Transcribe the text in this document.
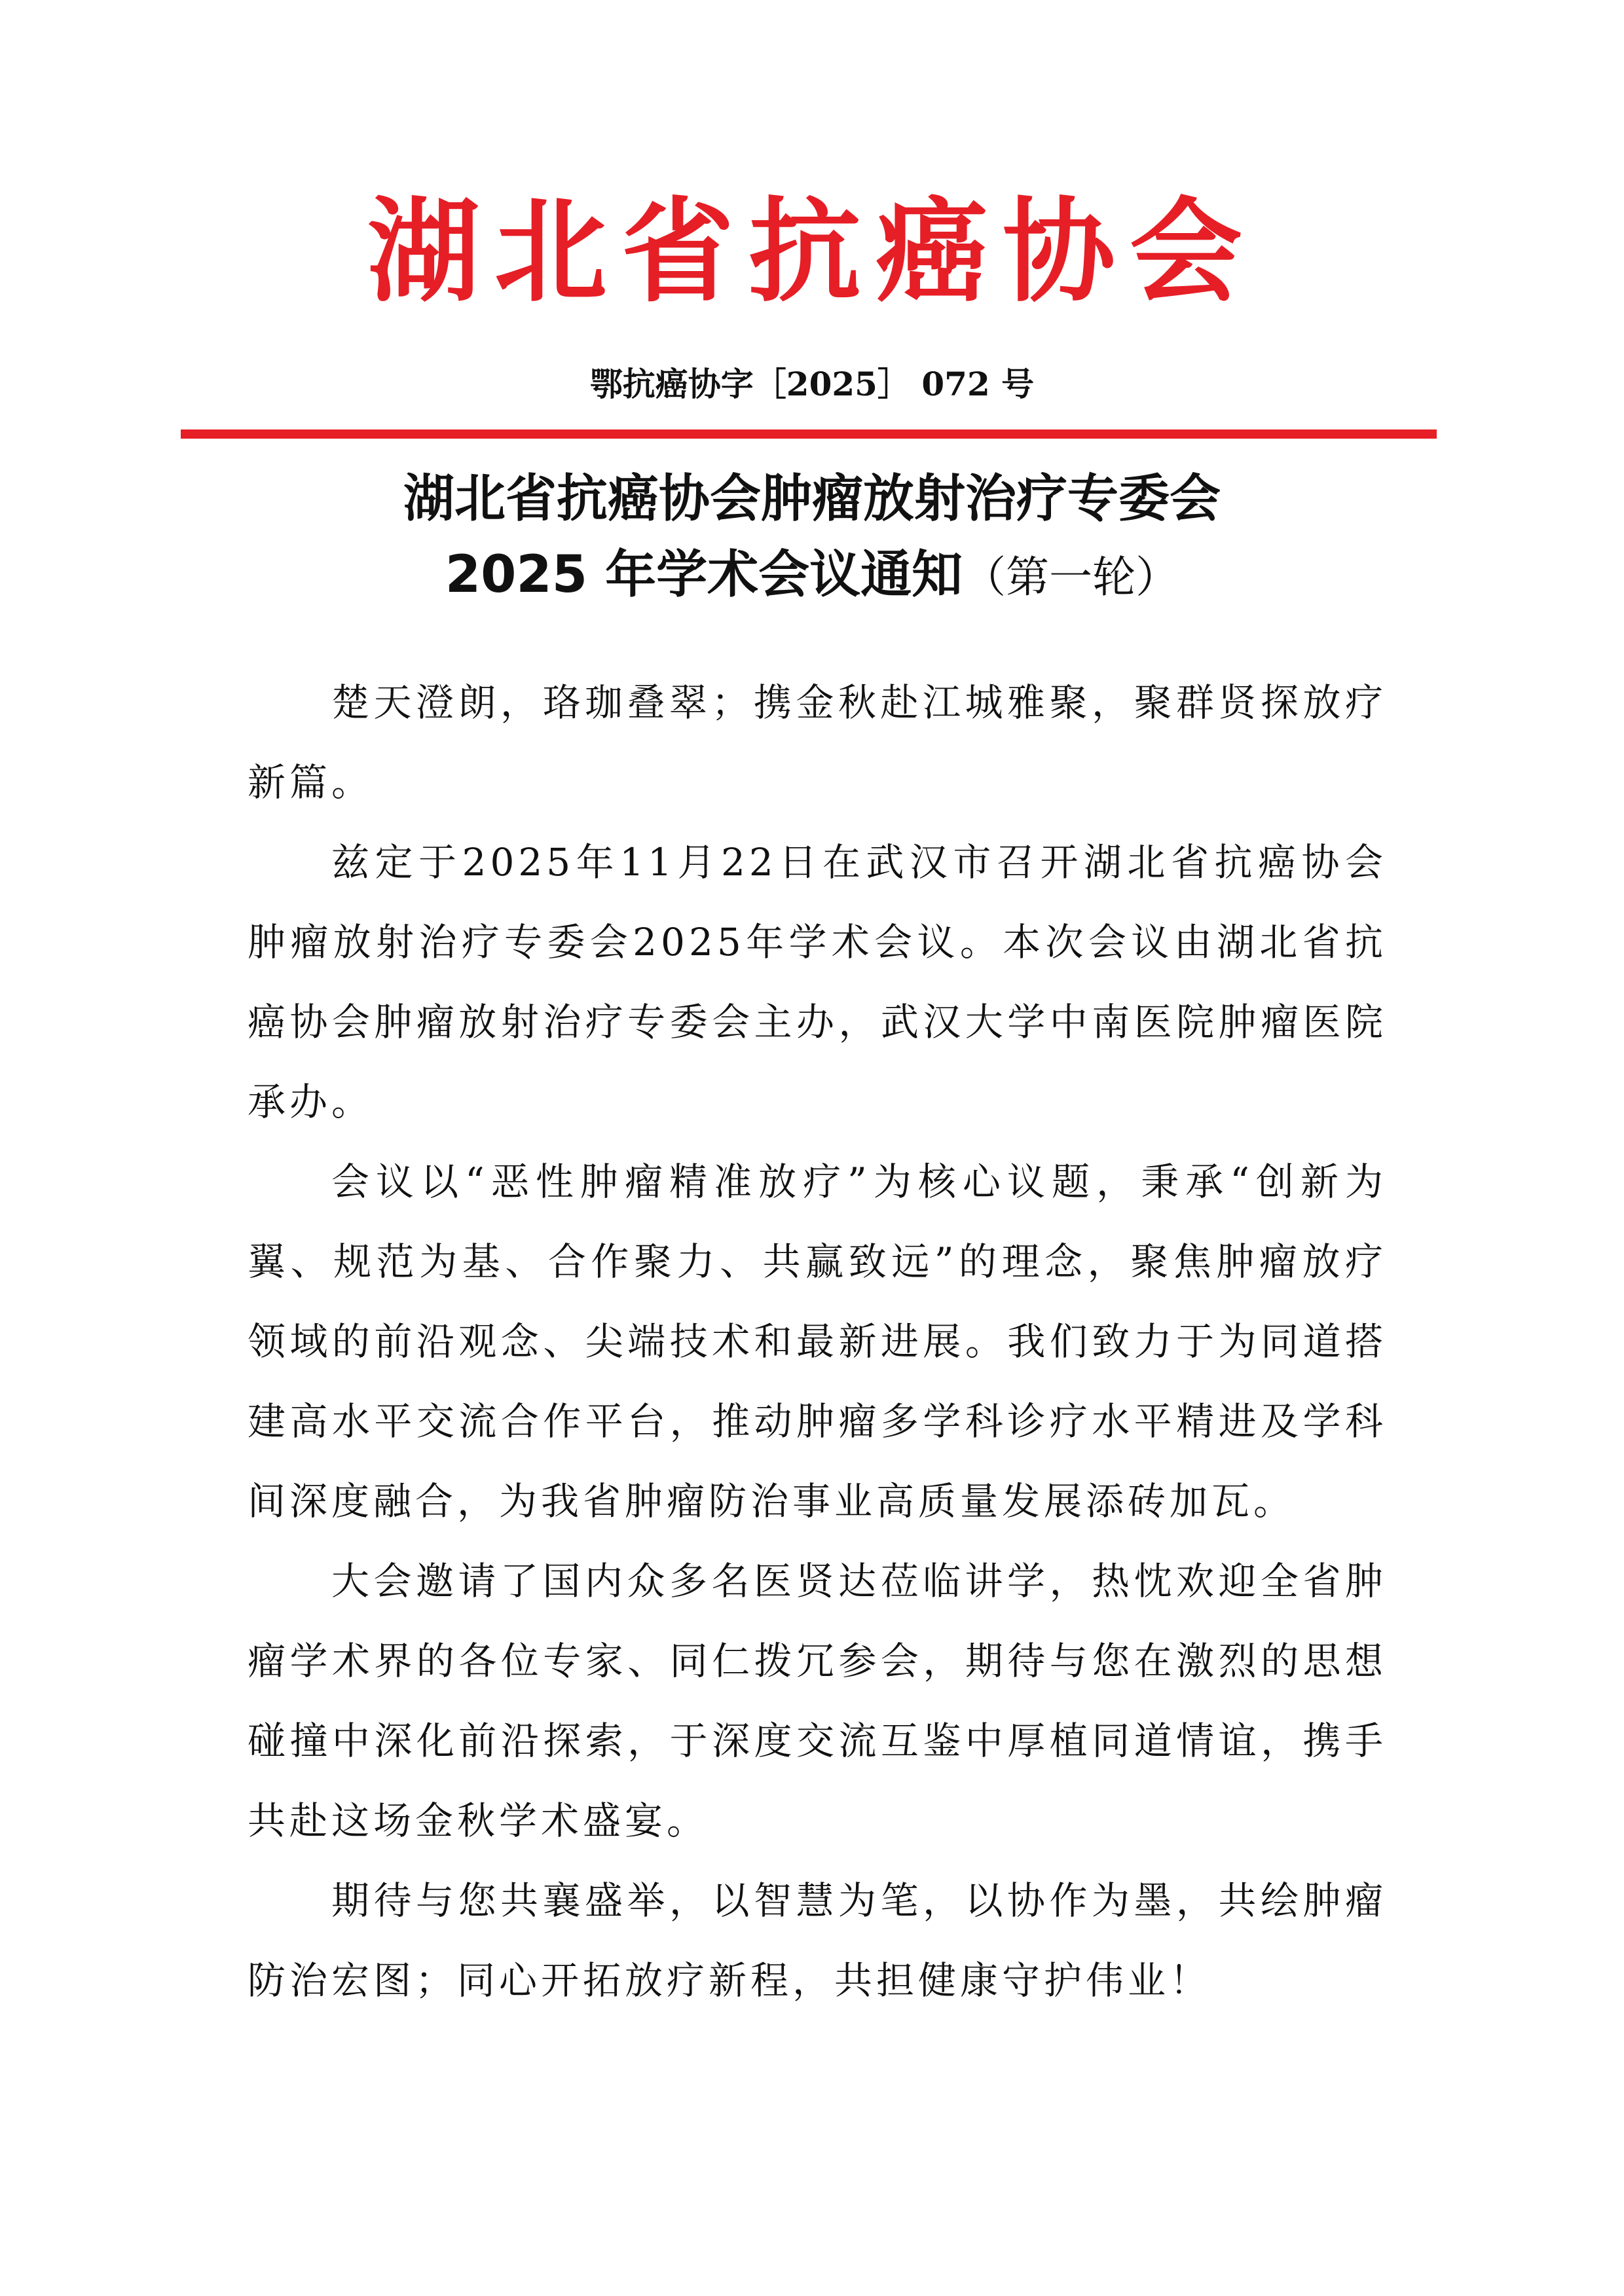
湖北省抗癌协会
鄂抗癌协字［2025］ 072 号
湖北省抗癌协会肿瘤放射治疗专委会
2025 年学术会议通知（第一轮）

楚天澄朗，珞珈叠翠；携金秋赴江城雅聚，聚群贤探放疗新篇。

兹定于2025年11月22日在武汉市召开湖北省抗癌协会肿瘤放射治疗专委会2025年学术会议。本次会议由湖北省抗癌协会肿瘤放射治疗专委会主办，武汉大学中南医院肿瘤医院承办。

会议以“恶性肿瘤精准放疗”为核心议题，秉承“创新为翼、规范为基、合作聚力、共赢致远”的理念，聚焦肿瘤放疗领域的前沿观念、尖端技术和最新进展。我们致力于为同道搭建高水平交流合作平台，推动肿瘤多学科诊疗水平精进及学科间深度融合，为我省肿瘤防治事业高质量发展添砖加瓦。

大会邀请了国内众多名医贤达莅临讲学，热忱欢迎全省肿瘤学术界的各位专家、同仁拨冗参会，期待与您在激烈的思想碰撞中深化前沿探索，于深度交流互鉴中厚植同道情谊，携手共赴这场金秋学术盛宴。

期待与您共襄盛举，以智慧为笔，以协作为墨，共绘肿瘤防治宏图；同心开拓放疗新程，共担健康守护伟业！
